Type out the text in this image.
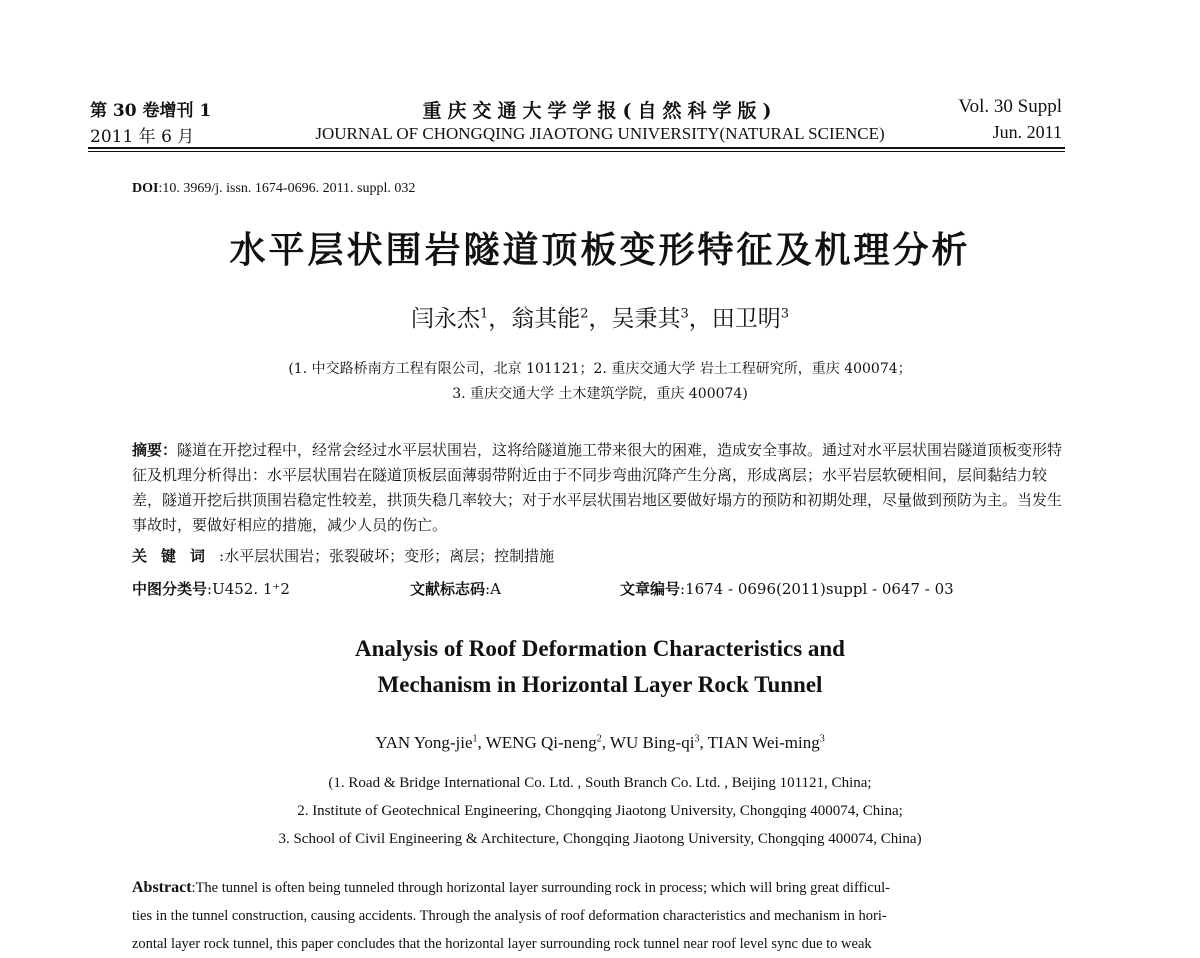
第 30 卷增刊 1
2011 年 6 月
重庆交通大学学报(自然科学版)
JOURNAL OF CHONGQING JIAOTONG UNIVERSITY(NATURAL SCIENCE)
Vol. 30 Suppl
Jun. 2011
DOI:10. 3969/j. issn. 1674-0696. 2011. suppl. 032
水平层状围岩隧道顶板变形特征及机理分析
闫永杰$^1$，翁其能$^2$，吴秉其$^3$，田卫明$^3$
(1. 中交路桥南方工程有限公司，北京 101121；2. 重庆交通大学 岩土工程研究所，重庆 400074；
3. 重庆交通大学 土木建筑学院，重庆 400074)
摘要：隧道在开挖过程中，经常会经过水平层状围岩，这将给隧道施工带来很大的困难，造成安全事故。通过对水平层状围岩隧道顶板变形特征及机理分析得出：水平层状围岩在隧道顶板层面薄弱带附近由于不同步弯曲沉降产生分离，形成离层；水平岩层软硬相间，层间黏结力较差，隧道开挖后拱顶围岩稳定性较差，拱顶失稳几率较大；对于水平层状围岩地区要做好塌方的预防和初期处理，尽量做到预防为主。当发生事故时，要做好相应的措施，减少人员的伤亡。
关键词:水平层状围岩；张裂破坏；变形；离层；控制措施
中图分类号:U452. 1⁺2	文献标志码:A	文章编号:1674 - 0696(2011)suppl - 0647 - 03
Analysis of Roof Deformation Characteristics and
Mechanism in Horizontal Layer Rock Tunnel
YAN Yong-jie$^1$, WENG Qi-neng$^2$, WU Bing-$qi^3$, TIAN Wei-ming$^3$
(1. Road & Bridge International Co. Ltd. , South Branch Co. Ltd. , Beijing 101121, China;
2. Institute of Geotechnical Engineering, Chongqing Jiaotong University, Chongqing 400074, China;
3. School of Civil Engineering & Architecture, Chongqing Jiaotong University, Chongqing 400074, China)
Abstract:The tunnel is often being tunneled through horizontal layer surrounding rock in process; which will bring great difficul-
ties in the tunnel construction, causing accidents. Through the analysis of roof deformation characteristics and mechanism in hori-
zontal layer rock tunnel, this paper concludes that the horizontal layer surrounding rock tunnel near roof level sync due to weak
